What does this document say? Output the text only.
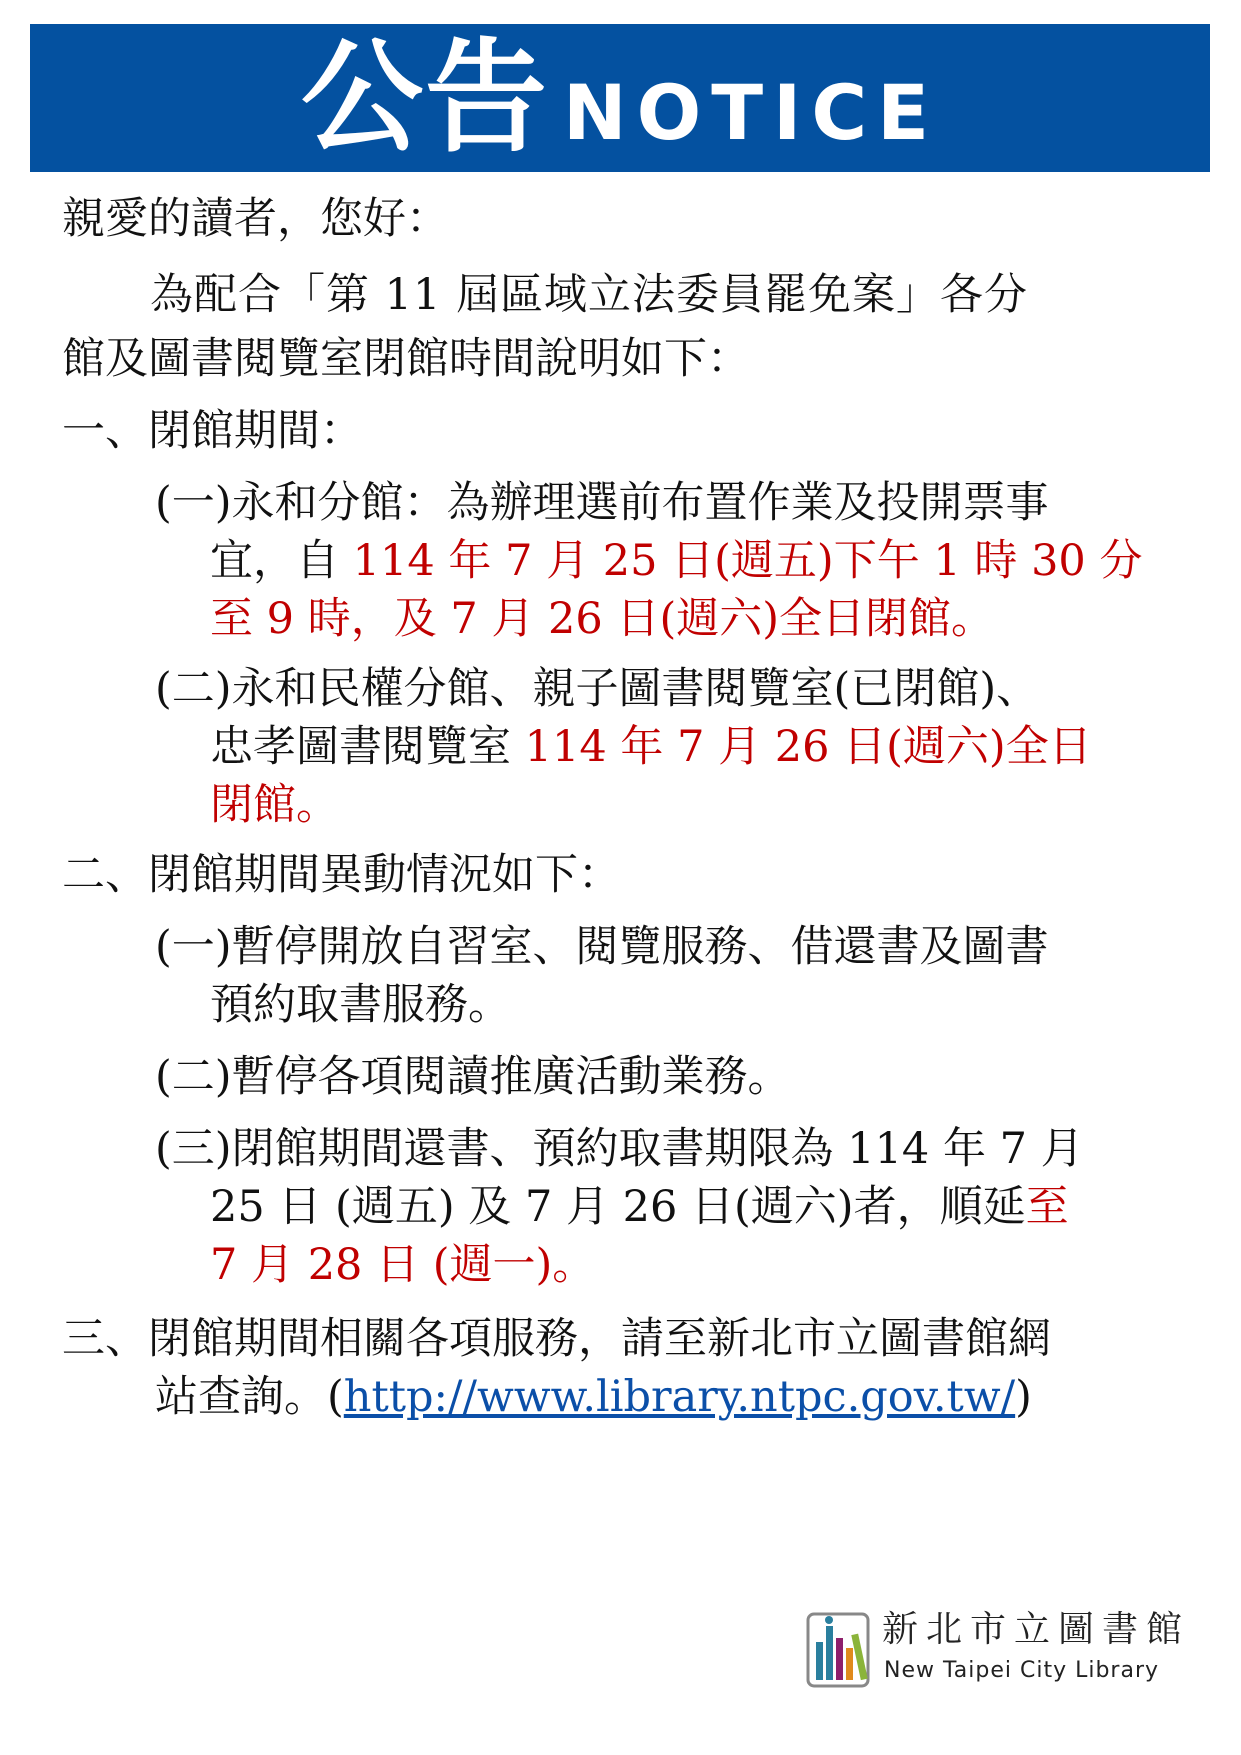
公告 NOTICE
親愛的讀者，您好：
為配合「第 11 屆區域立法委員罷免案」各分
館及圖書閱覽室閉館時間說明如下：
一、閉館期間：
(一)永和分館：為辦理選前布置作業及投開票事
宜，自 114 年 7 月 25 日(週五)下午 1 時 30 分
至 9 時，及 7 月 26 日(週六)全日閉館。
(二)永和民權分館、親子圖書閱覽室(已閉館)、
忠孝圖書閱覽室 114 年 7 月 26 日(週六)全日
閉館。
二、閉館期間異動情況如下：
(一)暫停開放自習室、閱覽服務、借還書及圖書
預約取書服務。
(二)暫停各項閱讀推廣活動業務。
(三)閉館期間還書、預約取書期限為 114 年 7 月
25 日 (週五) 及 7 月 26 日(週六)者，順延至
7 月 28 日 (週一)。
三、閉館期間相關各項服務，請至新北市立圖書館網
站查詢。(http://www.library.ntpc.gov.tw/)
新北市立圖書館
New Taipei City Library
